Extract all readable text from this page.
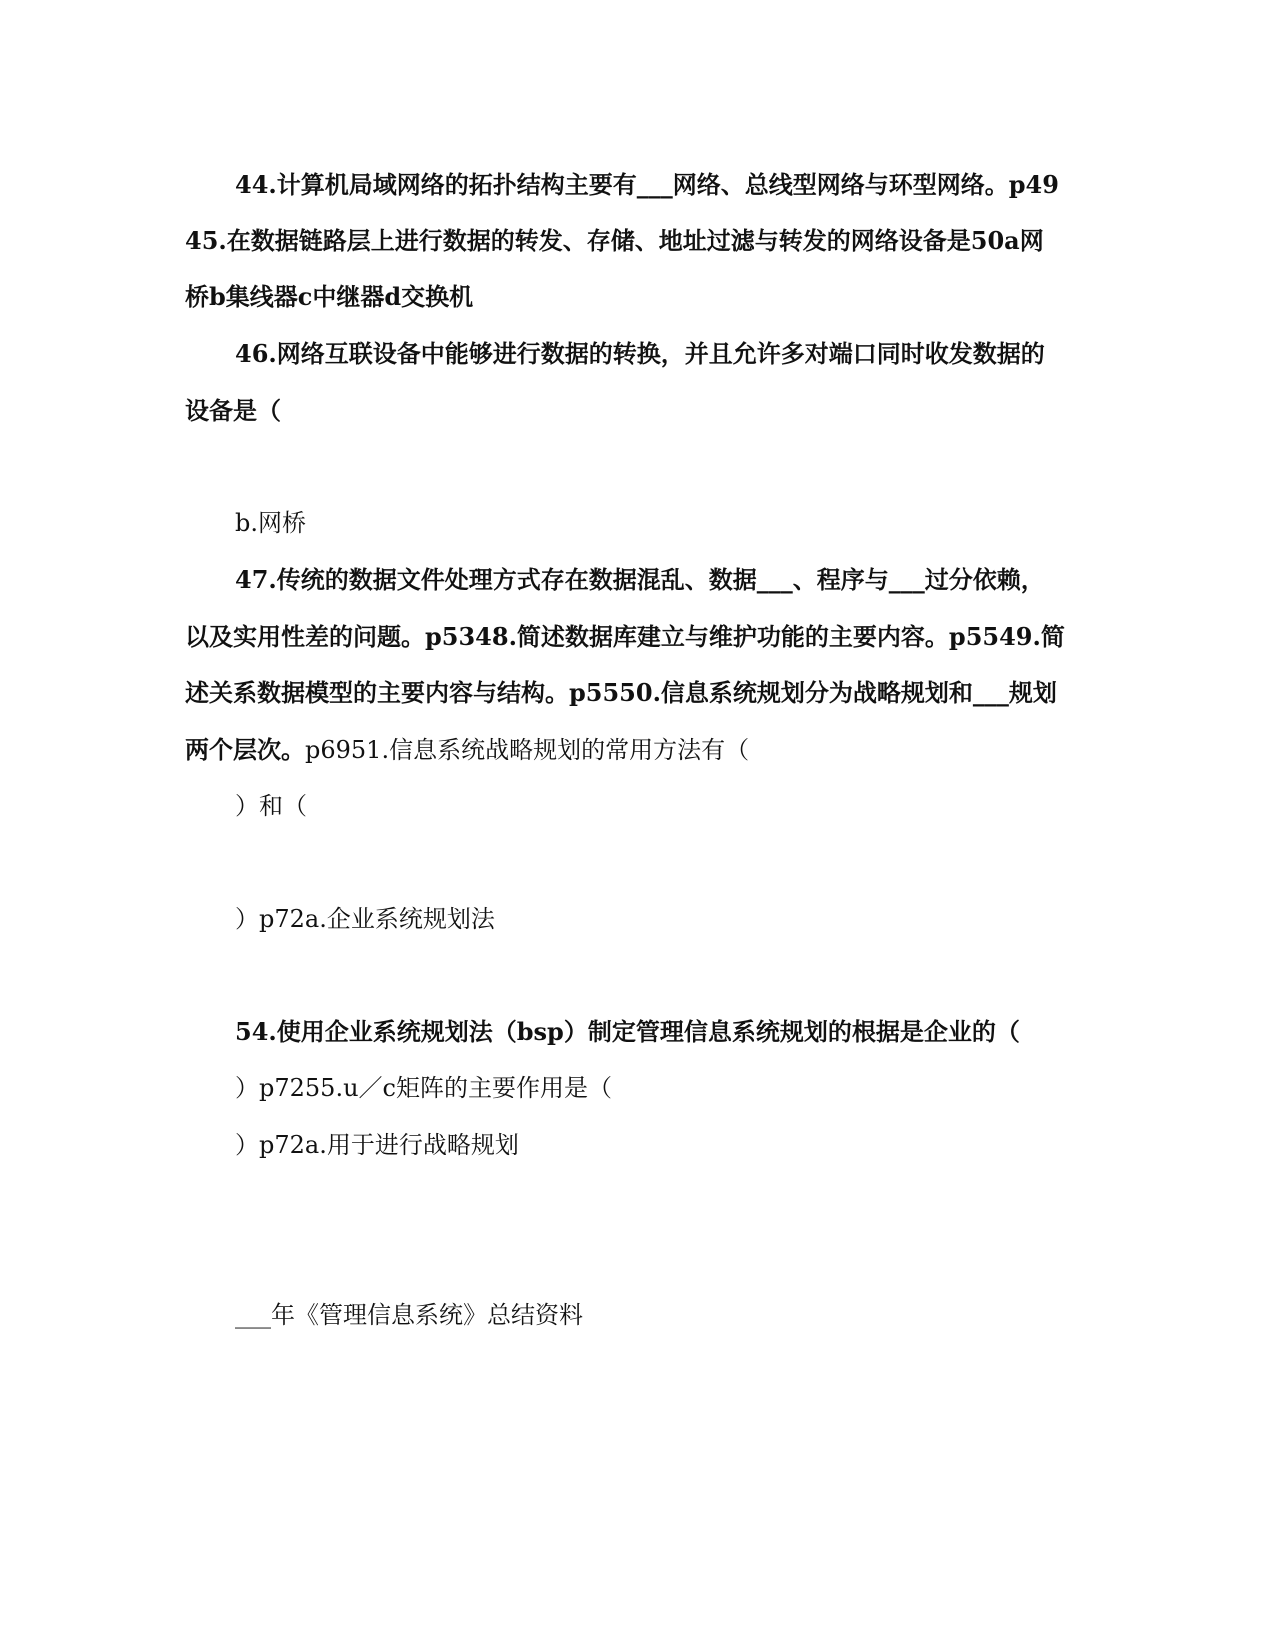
44.计算机局域网络的拓扑结构主要有___网络、总线型网络与环型网络。p49

45.在数据链路层上进行数据的转发、存储、地址过滤与转发的网络设备是50a网

桥b集线器c中继器d交换机

46.网络互联设备中能够进行数据的转换，并且允许多对端口同时收发数据的

设备是（

b.网桥

47.传统的数据文件处理方式存在数据混乱、数据___、程序与___过分依赖，

以及实用性差的问题。p5348.简述数据库建立与维护功能的主要内容。p5549.简

述关系数据模型的主要内容与结构。p5550.信息系统规划分为战略规划和___规划

两个层次。p6951.信息系统战略规划的常用方法有（

）和（

）p72a.企业系统规划法

54.使用企业系统规划法（bsp）制定管理信息系统规划的根据是企业的（

）p7255.u／c矩阵的主要作用是（

）p72a.用于进行战略规划

___年《管理信息系统》总结资料
